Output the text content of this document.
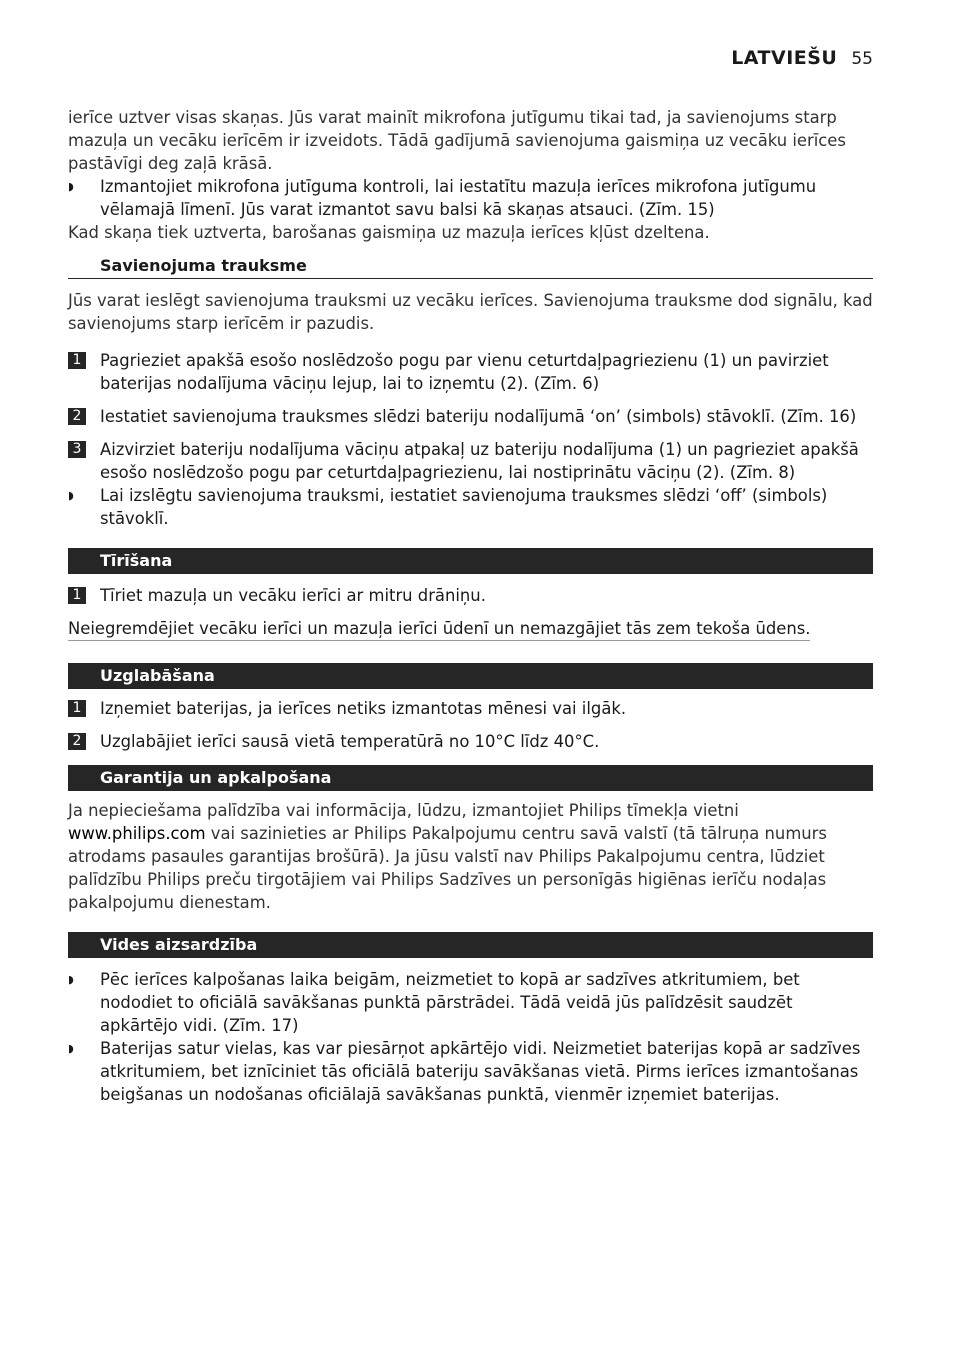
LATVIEŠU 55

ierīce uztver visas skaņas. Jūs varat mainīt mikrofona jutīgumu tikai tad, ja savienojums starp mazuļa un vecāku ierīcēm ir izveidots. Tādā gadījumā savienojuma gaismiņa uz vecāku ierīces pastāvīgi deg zaļā krāsā.

◗	Izmantojiet mikrofona jutīguma kontroli, lai iestatītu mazuļa ierīces mikrofona jutīgumu vēlamajā līmenī. Jūs varat izmantot savu balsi kā skaņas atsauci. (Zīm. 15)

Kad skaņa tiek uztverta, barošanas gaismiņa uz mazuļa ierīces kļūst dzeltena.

Savienojuma trauksme

Jūs varat ieslēgt savienojuma trauksmi uz vecāku ierīces. Savienojuma trauksme dod signālu, kad savienojums starp ierīcēm ir pazudis.

1 Pagrieziet apakšā esošo noslēdzošo pogu par vienu ceturtdaļpagriezienu (1) un pavirziet baterijas nodalījuma vāciņu lejup, lai to izņemtu (2). (Zīm. 6)
2 Iestatiet savienojuma trauksmes slēdzi bateriju nodalījumā ‘on’ (simbols) stāvoklī. (Zīm. 16)
3 Aizvirziet bateriju nodalījuma vāciņu atpakaļ uz bateriju nodalījuma (1) un pagrieziet apakšā esošo noslēdzošo pogu par ceturtdaļpagriezienu, lai nostiprinātu vāciņu (2). (Zīm. 8)
◗	Lai izslēgtu savienojuma trauksmi, iestatiet savienojuma trauksmes slēdzi ‘off’ (simbols) stāvoklī.
Tīrīšana
1 Tīriet mazuļa un vecāku ierīci ar mitru drāniņu.
Neiegremdējiet vecāku ierīci un mazuļa ierīci ūdenī un nemazgājiet tās zem tekoša ūdens.
Uzglabāšana
1 Izņemiet baterijas, ja ierīces netiks izmantotas mēnesi vai ilgāk.
2 Uzglabājiet ierīci sausā vietā temperatūrā no 10°C līdz 40°C.
Garantija un apkalpošana

Ja nepieciešama palīdzība vai informācija, lūdzu, izmantojiet Philips tīmekļa vietni www.philips.com vai sazinieties ar Philips Pakalpojumu centru savā valstī (tā tālruņa numurs atrodams pasaules garantijas brošūrā). Ja jūsu valstī nav Philips Pakalpojumu centra, lūdziet palīdzību Philips preču tirgotājiem vai Philips Sadzīves un personīgās higiēnas ierīču nodaļas pakalpojumu dienestam.

Vides aizsardzība
◗	Pēc ierīces kalpošanas laika beigām, neizmetiet to kopā ar sadzīves atkritumiem, bet nododiet to oficiālā savākšanas punktā pārstrādei. Tādā veidā jūs palīdzēsit saudzēt apkārtējo vidi. (Zīm. 17)
◗	Baterijas satur vielas, kas var piesārņot apkārtējo vidi. Neizmetiet baterijas kopā ar sadzīves atkritumiem, bet iznīciniet tās oficiālā bateriju savākšanas vietā. Pirms ierīces izmantošanas beigšanas un nodošanas oficiālajā savākšanas punktā, vienmēr izņemiet baterijas.
